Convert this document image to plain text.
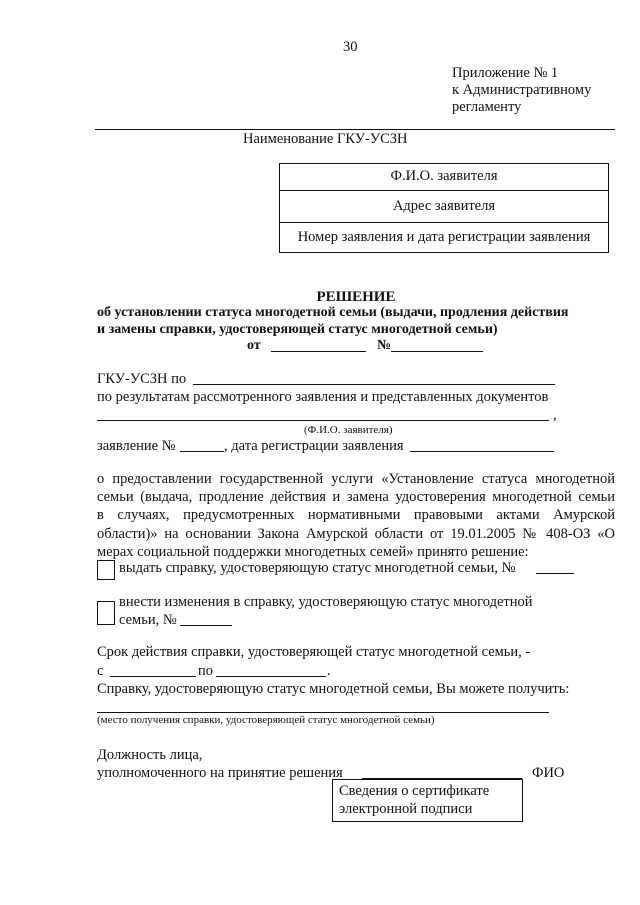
30
Приложение № 1
к Административному
регламенту
Наименование ГКУ-УСЗН
Ф.И.О. заявителя
Адрес заявителя
Номер заявления и дата регистрации заявления
РЕШЕНИЕ
об установлении статуса многодетной семьи (выдачи, продления действия
и замены справки, удостоверяющей статус многодетной семьи)
от	№
ГКУ-УСЗН по
по результатам рассмотренного заявления и представленных документов
,
(Ф.И.О. заявителя)
заявление №	, дата регистрации заявления
о предоставлении государственной услуги «Установление статуса многодетной
семьи (выдача, продление действия и замена удостоверения многодетной семьи
в случаях, предусмотренных нормативными правовыми актами Амурской
области)» на основании Закона Амурской области от 19.01.2005 № 408-ОЗ «О
мерах социальной поддержки многодетных семей» принято решение:
выдать справку, удостоверяющую статус многодетной семьи, №
внести изменения в справку, удостоверяющую статус многодетной
семьи, №
Срок действия справки, удостоверяющей статус многодетной семьи, -
с	по	.
Справку, удостоверяющую статус многодетной семьи, Вы можете получить:
(место получения справки, удостоверяющей статус многодетной семьи)
Должность лица,
уполномоченного на принятие решения	ФИО
Сведения о сертификате
электронной подписи
